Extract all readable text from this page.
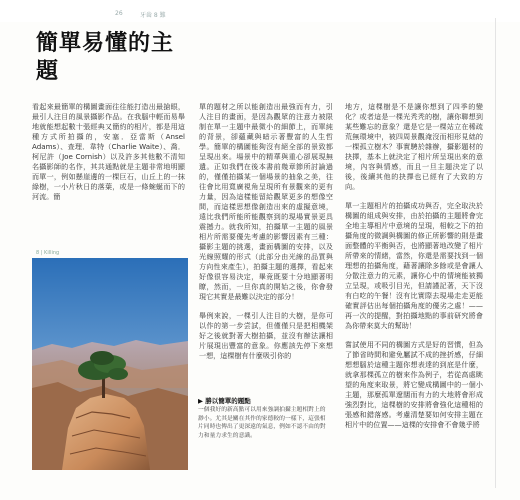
26	牙齒 8 難
簡單易懂的主題

看起來最簡單的構圖畫面往往能打造出最搶眼，最引人注目的風景攝影作品。在我腦中輕而易舉地就能想起數十張經典又簡約的相片，都是用這種方式所拍攝的，安塞．亞當斯（Ansel Adams）、查理．韋特（Charlie Waite）、喬．柯尼許（Joe Cornish）以及許多其他數不清知名攝影師的名作，其共通點就是主題非常地明顯而單一，例如懸崖邊的一棵巨石，山丘上的一抹綠樹，一小片秋日的落葉，或是一條蜿蜒而下的河流。簡

8 | Killing
▶ 勝以簡單的題點
一個我好的新高點可以用來強調拍攝主題相對上的渺小。尤其是關在其作的家德較的一樣下，這張相片同時也傳出了更深遠的氣息，例如不認不由的對力和量力求生的意識。

單的題材之所以能創造出最強而有力，引人注目的畫面，是因為觀眾的注意力被限制在單一主題中最微小的細節上，而單純的背景，卻蘊藏與暗示著豐富的人生哲學。簡單的構圖能夠沒有絕全部的景致都呈現出來。場景中的精華與重心卻展現無遺。正如我們在後本書前幾章節所討論過的，僅僅拍攝某一個場景的抽象之美，往往會比用寬廣視角呈現所有景觀來的更有力量，因為這樣能留給觀眾更多的想像空間，而這樣思想像創造出來的虛擬意境，遠比我們所能所能觀察到的現場實景更具震撼力。就我所知，拍攝單一主題的風景相片所需要優先考慮的影響因素有三種：攝影主題的挑選，畫面構圖的安排，以及光線照耀的形式（此部分由光線的品質與方向性來產生），拍攝主題的選擇，看起來好像很容易決定，畢竟既要十分地顯著明瞭，然而，一旦你真的開始之後，你會發現它其實是最難以決定的部分！

舉例來說，一棵引人注目的大樹，是你可以作的第一步尝試，但僅僅只是把相機架好之後就對著大樹拍攝，並沒有辦法讓相片展現出豐富的意象。你應該先停下來想一想，這棵樹有什麼吸引你的

地方，這棵樹是不是讓你想到了四季的變化？或者這是一棵光秃秃的樹，讓你聯想到某些難忘的意象？還是它是一棵站立在稀疏荒無環境中，被四周景觀淹沒而相形見絀的一棵孤立樹木？事實騁於雜辦，攝影題材的抉擇，基本上就決定了相片所呈現出來的意境，內容與情感，而且一旦主題決定了以後，後續其他的抉擇也已經有了大致的方向。

單一主題相片的拍攝成功與否，完全取決於構圖的組成與安排，由於拍攝的主題將會完全地主導相片中意境的呈現，相較之下的拍攝角度的微調與構圖的修正所影響的則是畫面整體的平衡與否，也將顯著地改變了相片所帶來的情緒，當然，你還是需要找到一個理想的拍攝角度，藉著讓除多餘或是會讓人分散注意力的元素，讓你心中的情境能被獨立呈現，或吸引目光，但請謹記著，天下沒有白吃的午餐！沒有比實際去現場走走更能確實評估出每個拍攝角度的優劣之處！——再一次的提醒，對拍攝地點的事前研究將會為你帶來莫大的幫助！

嘗試使用不同的構圖方式是好的習慣，但為了節省時間和避免屬試不成的挫折感，仔細想想腦於這種主題你想表達的到底是什麼，就拿那棵孤立的樹來作為例子，若從高處眺望的角度來取景，將它變成構圖中的一個小主題，那麼孤單遼闊而有力的大地將會形成強烈對比，這棵樹的安排將會強化這種相的張感和錯落感。考慮清楚要如何安排主題在相片中的位置——這棵的安排會不會幾乎將
